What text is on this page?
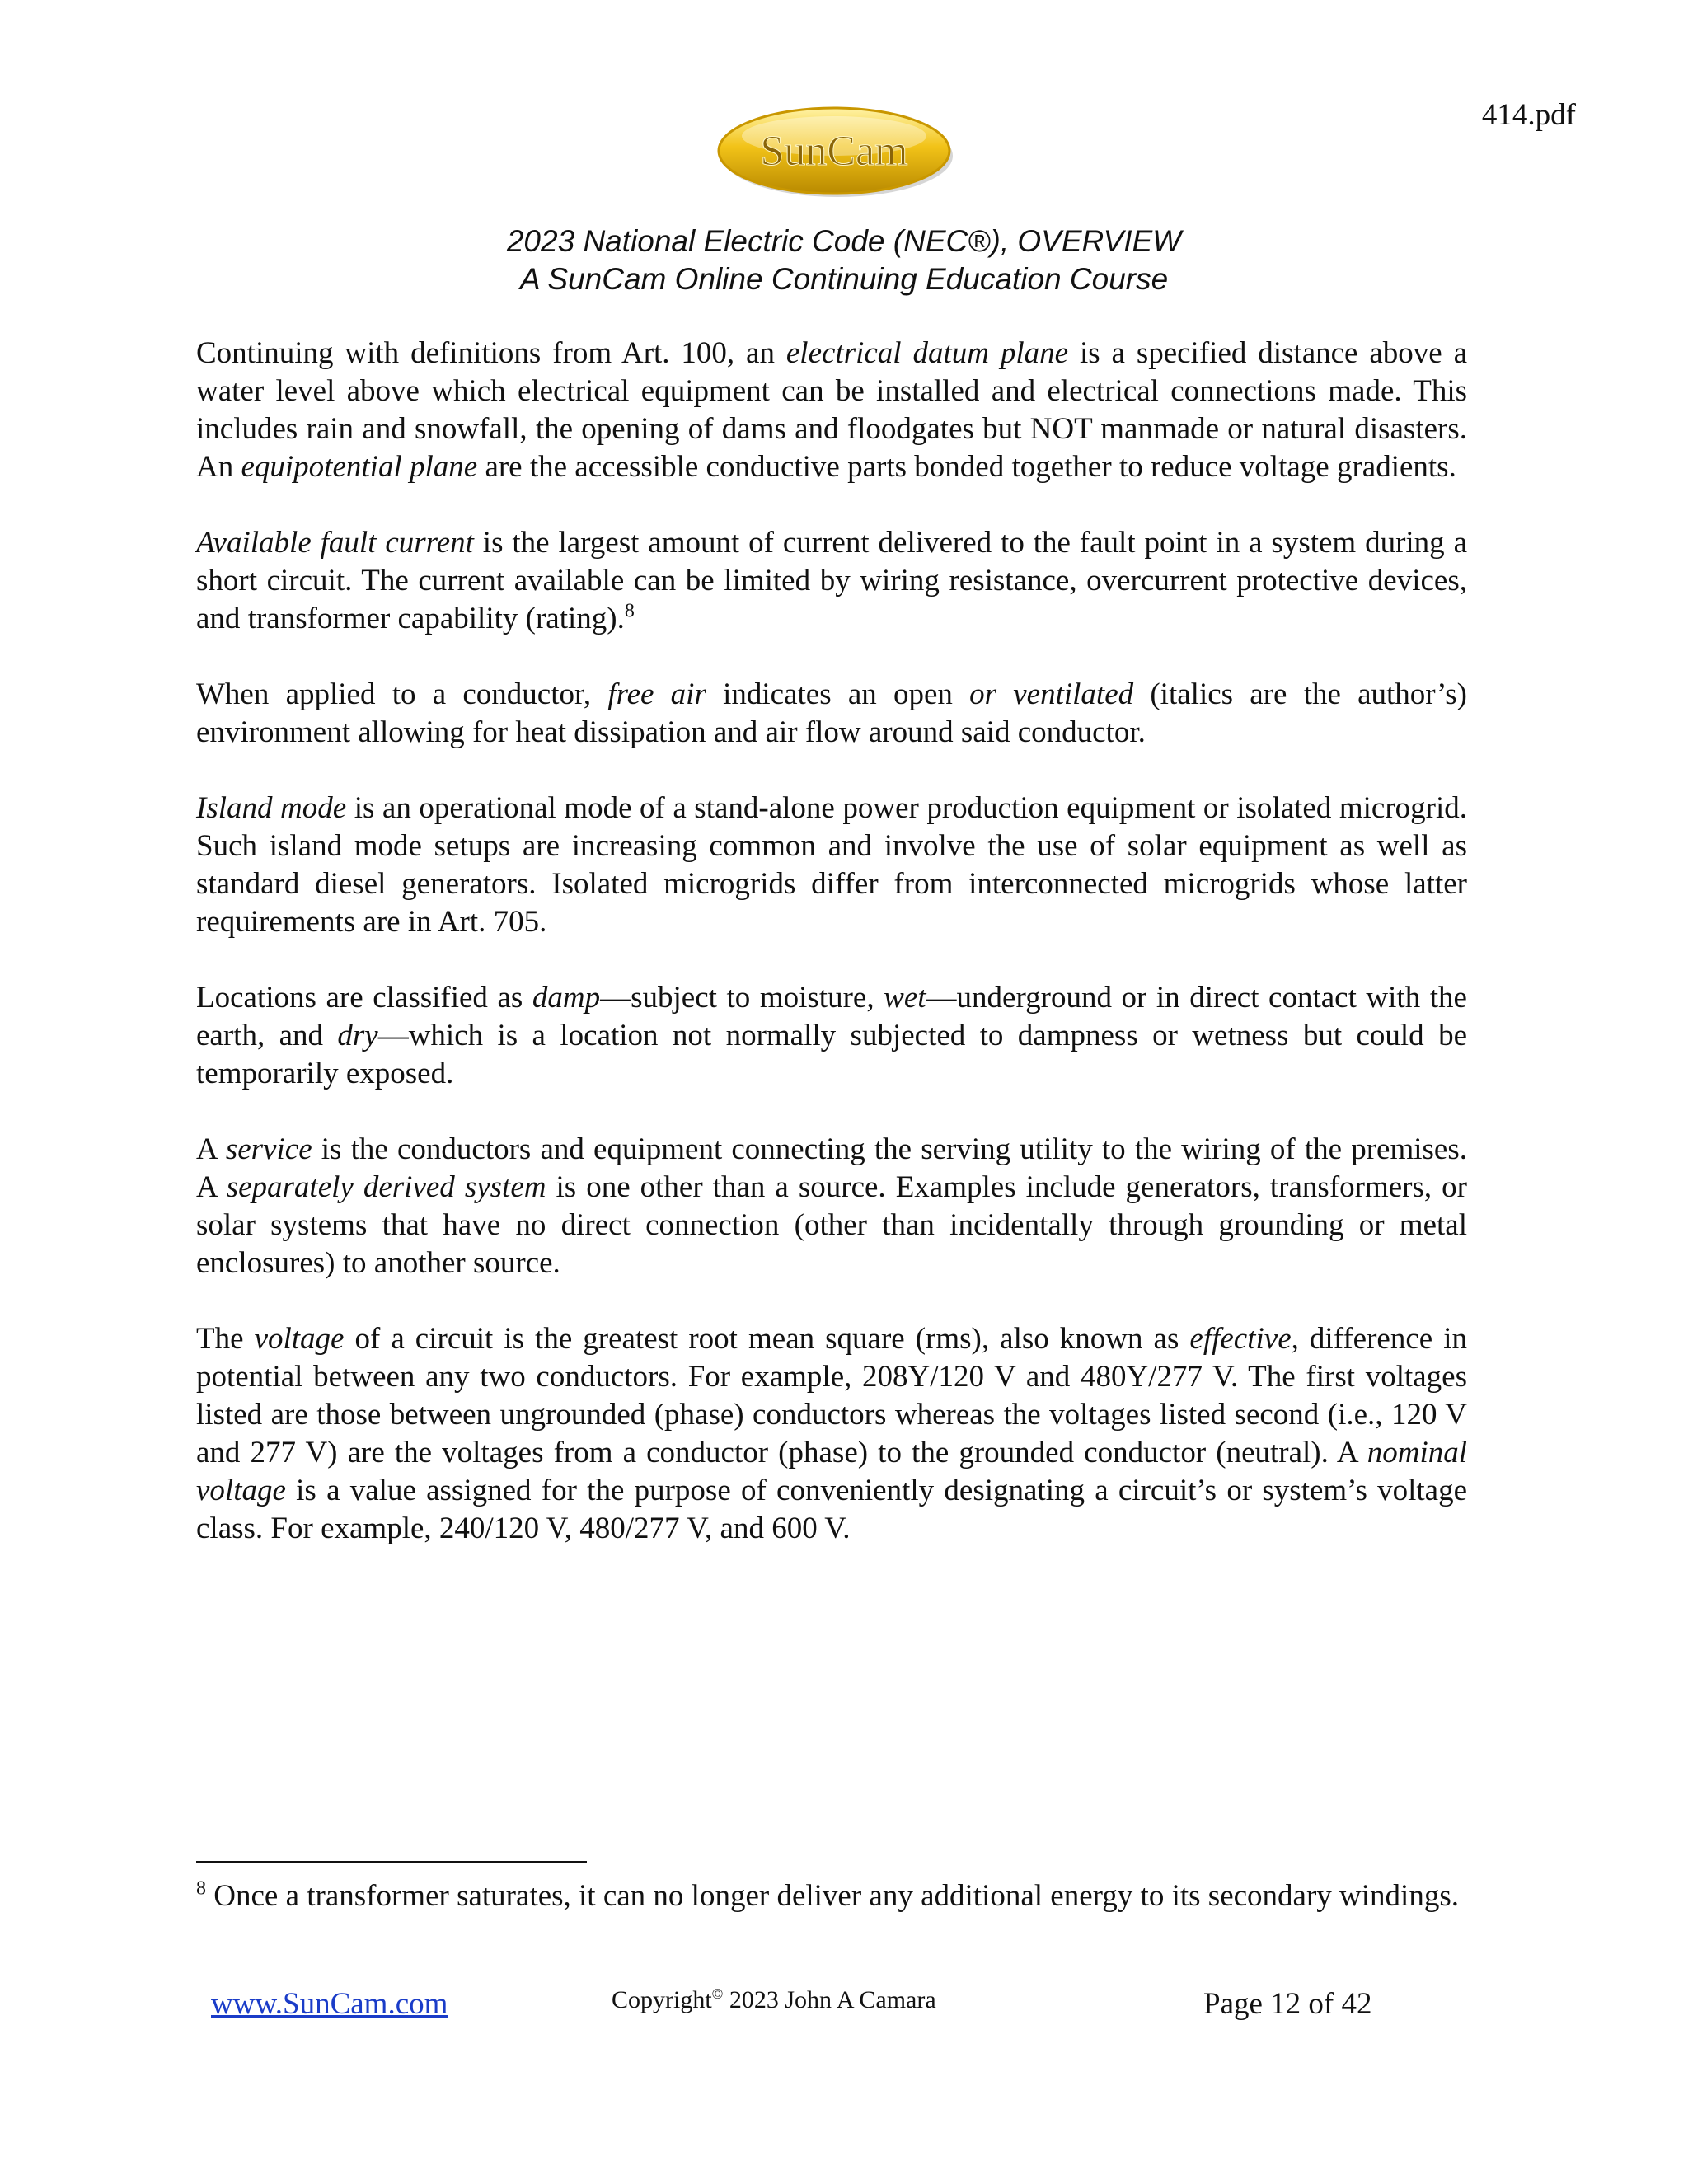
414.pdf
SunCam
2023 National Electric Code (NEC®), OVERVIEW
A SunCam Online Continuing Education Course

Continuing with definitions from Art. 100, an electrical datum plane is a specified distance above a water level above which electrical equipment can be installed and electrical connections made. This includes rain and snowfall, the opening of dams and floodgates but NOT manmade or natural disasters. An equipotential plane are the accessible conductive parts bonded together to reduce voltage gradients.

Available fault current is the largest amount of current delivered to the fault point in a system during a short circuit. The current available can be limited by wiring resistance, overcurrent protective devices, and transformer capability (rating).$^8$

When applied to a conductor, free air indicates an open or ventilated (italics are the author’s) environment allowing for heat dissipation and air flow around said conductor.

Island mode is an operational mode of a stand-alone power production equipment or isolated microgrid. Such island mode setups are increasing common and involve the use of solar equipment as well as standard diesel generators. Isolated microgrids differ from interconnected microgrids whose latter requirements are in Art. 705.

Locations are classified as damp—subject to moisture, wet—underground or in direct contact with the earth, and dry—which is a location not normally subjected to dampness or wetness but could be temporarily exposed.

A service is the conductors and equipment connecting the serving utility to the wiring of the premises. A separately derived system is one other than a source. Examples include generators, transformers, or solar systems that have no direct connection (other than incidentally through grounding or metal enclosures) to another source.

The voltage of a circuit is the greatest root mean square (rms), also known as effective, difference in potential between any two conductors. For example, 208Y/120 V and 480Y/277 V. The first voltages listed are those between ungrounded (phase) conductors whereas the voltages listed second (i.e., 120 V and 277 V) are the voltages from a conductor (phase) to the grounded conductor (neutral). A nominal voltage is a value assigned for the purpose of conveniently designating a circuit’s or system’s voltage class. For example, 240/120 V, 480/277 V, and 600 V.

$^8$ Once a transformer saturates, it can no longer deliver any additional energy to its secondary windings.
www.SunCam.com	Copyright© 2023 John A Camara	Page 12 of 42
